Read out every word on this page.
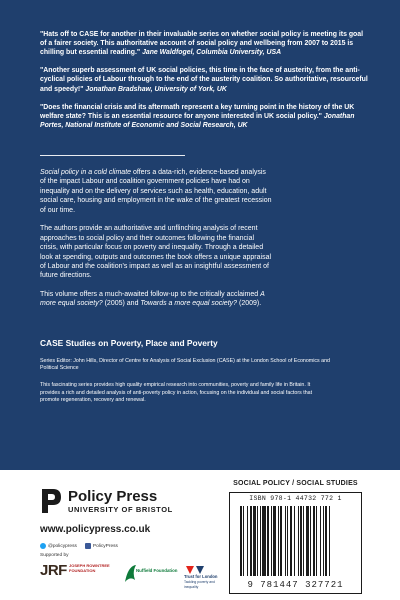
"Hats off to CASE for another in their invaluable series on whether social policy is meeting its goal of a fairer society. This authoritative account of social policy and wellbeing from 2007 to 2015 is chilling but essential reading." Jane Waldfogel, Columbia University, USA

"Another superb assessment of UK social policies, this time in the face of austerity, from the anti-cyclical policies of Labour through to the end of the austerity coalition. So authoritative, resourceful and speedy!" Jonathan Bradshaw, University of York, UK

"Does the financial crisis and its aftermath represent a key turning point in the history of the UK welfare state? This is an essential resource for anyone interested in UK social policy." Jonathan Portes, National Institute of Economic and Social Research, UK

Social policy in a cold climate offers a data-rich, evidence-based analysis of the impact Labour and coalition government policies have had on inequality and on the delivery of services such as health, education, adult social care, housing and employment in the wake of the greatest recession of our time.

The authors provide an authoritative and unflinching analysis of recent approaches to social policy and their outcomes following the financial crisis, with particular focus on poverty and inequality. Through a detailed look at spending, outputs and outcomes the book offers a unique appraisal of Labour and the coalition's impact as well as an insightful assessment of future directions.

This volume offers a much-awaited follow-up to the critically acclaimed A more equal society? (2005) and Towards a more equal society? (2009).

CASE Studies on Poverty, Place and Poverty
Series Editor: John Hills, Director of Centre for Analysis of Social Exclusion (CASE) at the London School of Economics and Political Science
This fascinating series provides high quality empirical research into communities, poverty and family life in Britain. It provides a rich and detailed analysis of anti-poverty policy in action, focusing on the individual and social factors that promote regeneration, recovery and renewal.
Policy Press
UNIVERSITY OF BRISTOL
www.policypress.co.uk
@policypress	PolicyPress
Supported by
JRF JOSEPH ROWNTREE FOUNDATION	Nuffield Foundation
Trust for London
Tackling poverty and inequality
SOCIAL POLICY / SOCIAL STUDIES
ISBN 978-1 44732 772 1
9 781447 327721
